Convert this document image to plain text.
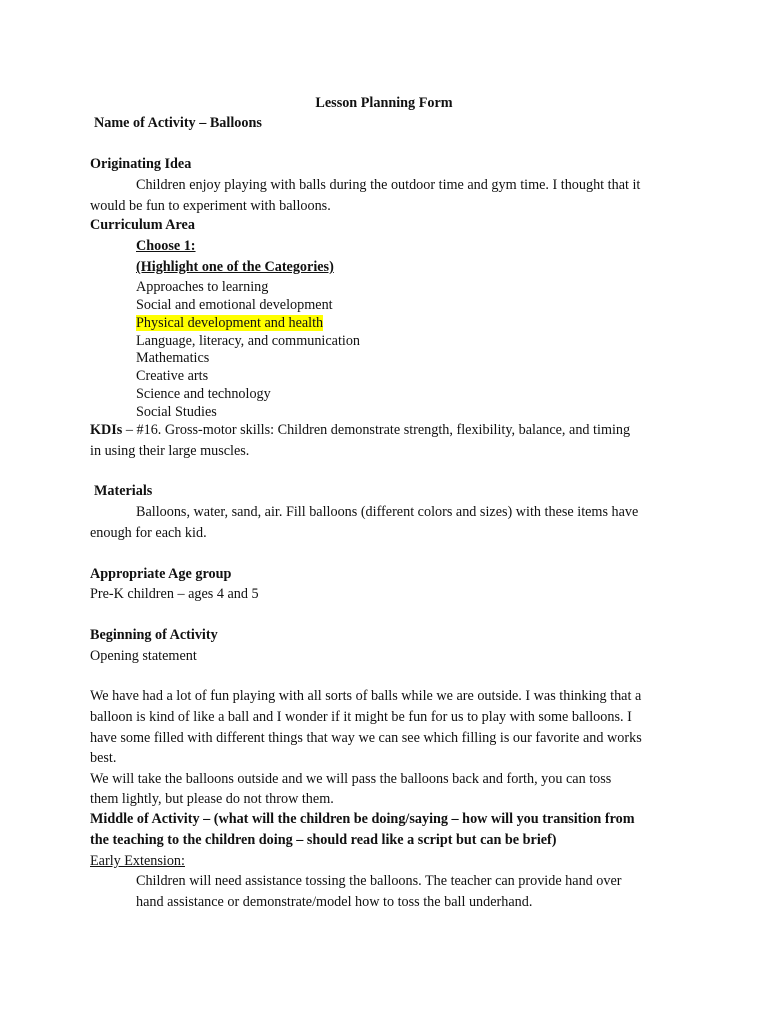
Lesson Planning Form
Name of Activity – Balloons
Originating Idea
Children enjoy playing with balls during the outdoor time and gym time. I thought that it
would be fun to experiment with balloons.
Curriculum Area
Choose 1:
(Highlight one of the Categories)
Approaches to learning
Social and emotional development
Physical development and health
Language, literacy, and communication
Mathematics
Creative arts
Science and technology
Social Studies
KDIs – #16. Gross-motor skills: Children demonstrate strength, flexibility, balance, and timing
in using their large muscles.
Materials
Balloons, water, sand, air. Fill balloons (different colors and sizes) with these items have
enough for each kid.
Appropriate Age group
Pre-K children – ages 4 and 5
Beginning of Activity
Opening statement
We have had a lot of fun playing with all sorts of balls while we are outside. I was thinking that a
balloon is kind of like a ball and I wonder if it might be fun for us to play with some balloons. I
have some filled with different things that way we can see which filling is our favorite and works
best.
We will take the balloons outside and we will pass the balloons back and forth, you can toss
them lightly, but please do not throw them.
Middle of Activity – (what will the children be doing/saying – how will you transition from
the teaching to the children doing – should read like a script but can be brief)
Early Extension:
Children will need assistance tossing the balloons. The teacher can provide hand over
hand assistance or demonstrate/model how to toss the ball underhand.
